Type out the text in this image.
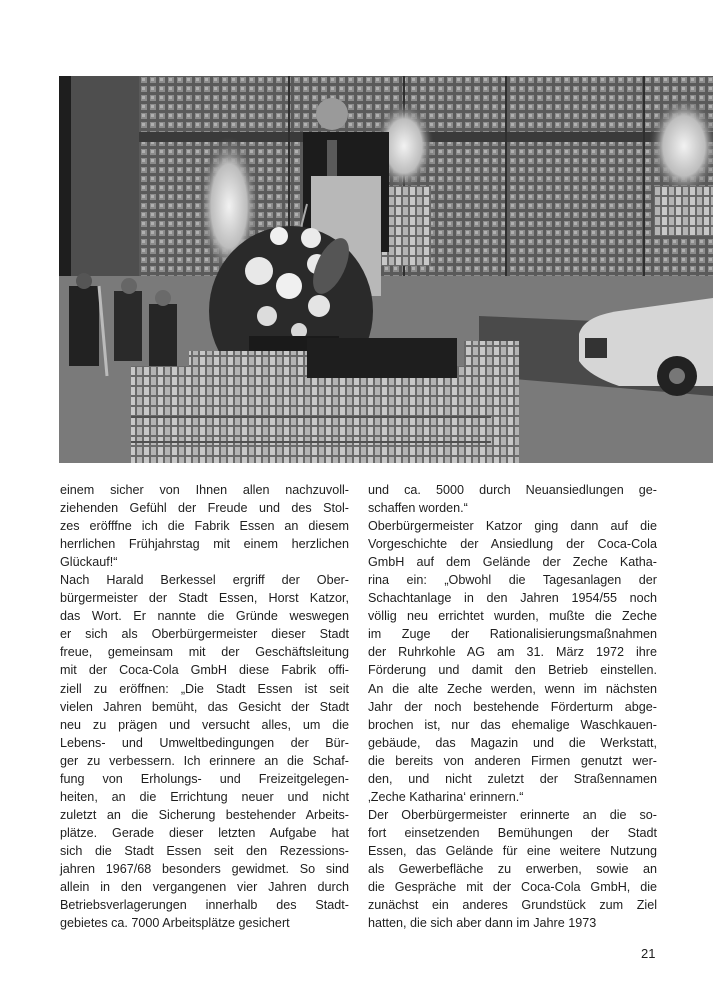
einem sicher von Ihnen allen nachzuvoll-
ziehenden Gefühl der Freude und des Stol-
zes eröfffne ich die Fabrik Essen an diesem
herrlichen Frühjahrstag mit einem herzlichen
Glückauf!“

Nach Harald Berkessel ergriff der Ober-
bürgermeister der Stadt Essen, Horst Katzor,
das Wort. Er nannte die Gründe weswegen
er sich als Oberbürgermeister dieser Stadt
freue, gemeinsam mit der Geschäftsleitung
mit der Coca-Cola GmbH diese Fabrik offi-
ziell zu eröffnen: „Die Stadt Essen ist seit
vielen Jahren bemüht, das Gesicht der Stadt
neu zu prägen und versucht alles, um die
Lebens- und Umweltbedingungen der Bür-
ger zu verbessern. Ich erinnere an die Schaf-
fung von Erholungs- und Freizeitgelegen-
heiten, an die Errichtung neuer und nicht
zuletzt an die Sicherung bestehender Arbeits-
plätze. Gerade dieser letzten Aufgabe hat
sich die Stadt Essen seit den Rezessions-
jahren 1967/68 besonders gewidmet. So sind
allein in den vergangenen vier Jahren durch
Betriebsverlagerungen innerhalb des Stadt-
gebietes ca. 7000 Arbeitsplätze gesichert

und ca. 5000 durch Neuansiedlungen ge-
schaffen worden.“

Oberbürgermeister Katzor ging dann auf die
Vorgeschichte der Ansiedlung der Coca-Cola
GmbH auf dem Gelände der Zeche Katha-
rina ein: „Obwohl die Tagesanlagen der
Schachtanlage in den Jahren 1954/55 noch
völlig neu errichtet wurden, mußte die Zeche
im Zuge der Rationalisierungsmaßnahmen
der Ruhrkohle AG am 31. März 1972 ihre
Förderung und damit den Betrieb einstellen.
An die alte Zeche werden, wenn im nächsten
Jahr der noch bestehende Förderturm abge-
brochen ist, nur das ehemalige Waschkauen-
gebäude, das Magazin und die Werkstatt,
die bereits von anderen Firmen genutzt wer-
den, und nicht zuletzt der Straßennamen
‚Zeche Katharina‘ erinnern.“

Der Oberbürgermeister erinnerte an die so-
fort einsetzenden Bemühungen der Stadt
Essen, das Gelände für eine weitere Nutzung
als Gewerbefläche zu erwerben, sowie an
die Gespräche mit der Coca-Cola GmbH, die
zunächst ein anderes Grundstück zum Ziel
hatten, die sich aber dann im Jahre 1973

21
